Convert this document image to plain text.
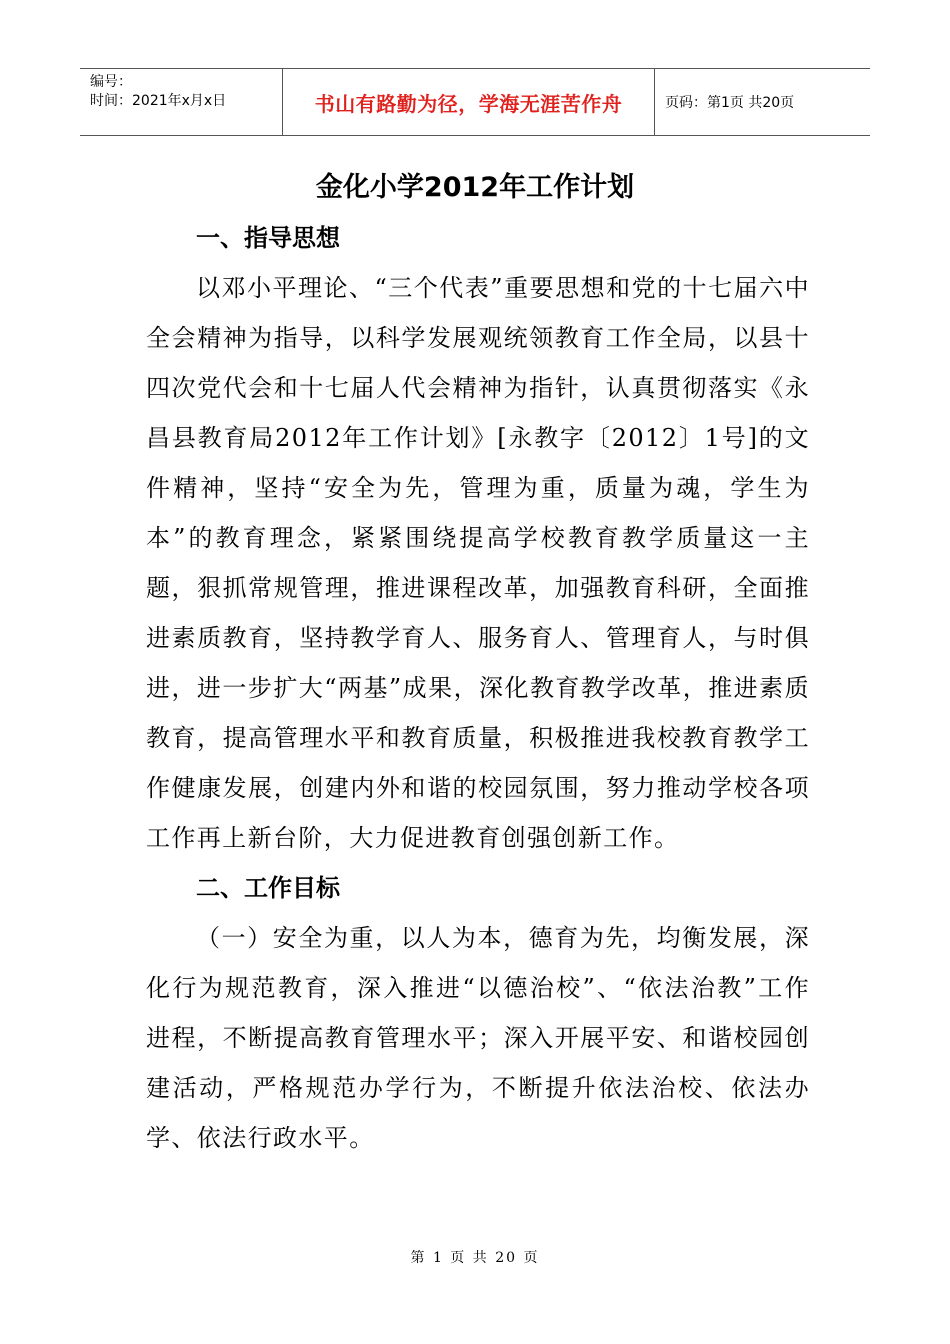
编号：
时间：2021年x月x日	书山有路勤为径，学海无涯苦作舟	页码：第1页 共20页
金化小学2012年工作计划

一、指导思想

以邓小平理论、“三个代表”重要思想和党的十七届六中全会精神为指导，以科学发展观统领教育工作全局，以县十四次党代会和十七届人代会精神为指针，认真贯彻落实《永昌县教育局2012年工作计划》[永教字〔2012〕1号]的文件精神，坚持“安全为先，管理为重，质量为魂，学生为本”的教育理念，紧紧围绕提高学校教育教学质量这一主题，狠抓常规管理，推进课程改革，加强教育科研，全面推进素质教育，坚持教学育人、服务育人、管理育人，与时俱进，进一步扩大“两基”成果，深化教育教学改革，推进素质教育，提高管理水平和教育质量，积极推进我校教育教学工作健康发展，创建内外和谐的校园氛围，努力推动学校各项工作再上新台阶，大力促进教育创强创新工作。

二、工作目标

（一）安全为重，以人为本，德育为先，均衡发展，深化行为规范教育，深入推进“以德治校”、“依法治教”工作进程，不断提高教育管理水平；深入开展平安、和谐校园创建活动，严格规范办学行为，不断提升依法治校、依法办学、依法行政水平。

第 1 页 共 20 页
